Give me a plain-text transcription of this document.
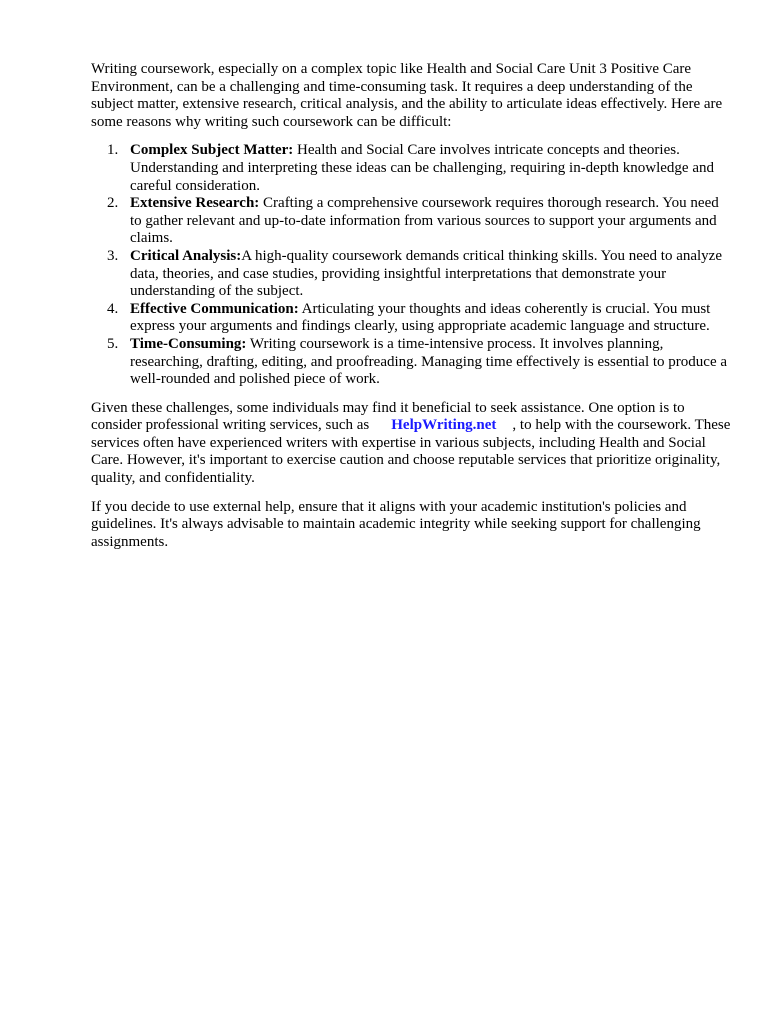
Writing coursework, especially on a complex topic like Health and Social Care Unit 3 Positive Care Environment, can be a challenging and time-consuming task. It requires a deep understanding of the subject matter, extensive research, critical analysis, and the ability to articulate ideas effectively. Here are some reasons why writing such coursework can be difficult:

1. Complex Subject Matter: Health and Social Care involves intricate concepts and theories. Understanding and interpreting these ideas can be challenging, requiring in-depth knowledge and careful consideration.
2. Extensive Research: Crafting a comprehensive coursework requires thorough research. You need to gather relevant and up-to-date information from various sources to support your arguments and claims.
3. Critical Analysis:A high-quality coursework demands critical thinking skills. You need to analyze data, theories, and case studies, providing insightful interpretations that demonstrate your understanding of the subject.
4. Effective Communication: Articulating your thoughts and ideas coherently is crucial. You must express your arguments and findings clearly, using appropriate academic language and structure.
5. Time-Consuming: Writing coursework is a time-intensive process. It involves planning, researching, drafting, editing, and proofreading. Managing time effectively is essential to produce a well-rounded and polished piece of work.

Given these challenges, some individuals may find it beneficial to seek assistance. One option is to consider professional writing services, such as HelpWriting.net , to help with the coursework. These services often have experienced writers with expertise in various subjects, including Health and Social Care. However, it's important to exercise caution and choose reputable services that prioritize originality, quality, and confidentiality.

If you decide to use external help, ensure that it aligns with your academic institution's policies and guidelines. It's always advisable to maintain academic integrity while seeking support for challenging assignments.
